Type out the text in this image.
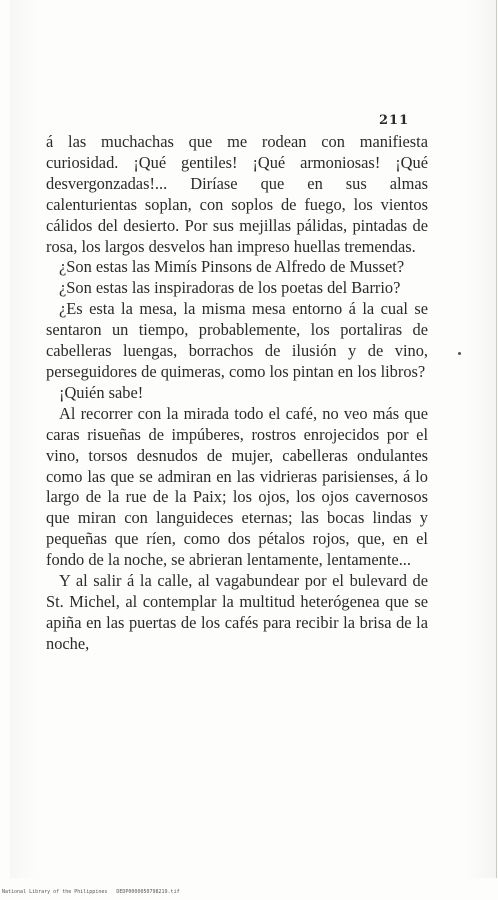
211

á las muchachas que me rodean con manifiesta curiosidad. ¡Qué gentiles! ¡Qué armoniosas! ¡Qué desvergonzadas!... Diríase que en sus almas calenturientas soplan, con soplos de fuego, los vientos cálidos del desierto. Por sus mejillas pálidas, pintadas de rosa, los largos desvelos han impreso huellas tremendas.

¿Son estas las Mimís Pinsons de Alfredo de Musset?

¿Son estas las inspiradoras de los poetas del Barrio?

¿Es esta la mesa, la misma mesa entorno á la cual se sentaron un tiempo, probablemente, los portaliras de cabelleras luengas, borrachos de ilusión y de vino, perseguidores de quimeras, como los pintan en los libros?

¡Quién sabe!

Al recorrer con la mirada todo el café, no veo más que caras risueñas de impúberes, rostros enrojecidos por el vino, torsos desnudos de mujer, cabelleras ondulantes como las que se admiran en las vidrieras parisienses, á lo largo de la rue de la Paix; los ojos, los ojos cavernosos que miran con languideces eternas; las bocas lindas y pequeñas que ríen, como dos pétalos rojos, que, en el fondo de la noche, se abrieran lentamente, lentamente...

Y al salir á la calle, al vagabundear por el bulevard de St. Michel, al contemplar la multitud heterógenea que se apiña en las puertas de los cafés para recibir la brisa de la noche,

National Library of the Philippines DEDP0000050798219.tif
